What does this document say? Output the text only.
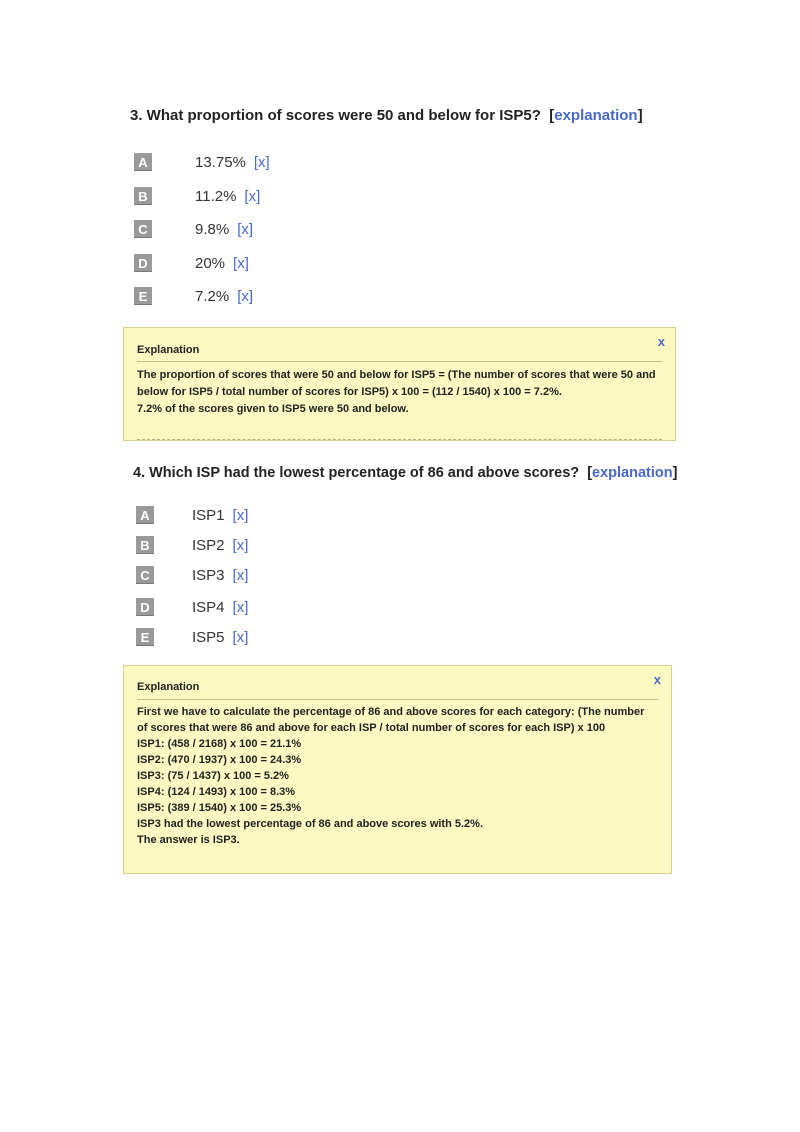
3. What proportion of scores were 50 and below for ISP5? [explanation]
A	13.75% [x]
B	11.2% [x]
C	9.8% [x]
D	20% [x]
E	7.2% [x]
Explanation
x
The proportion of scores that were 50 and below for ISP5 = (The number of scores that were 50 and below for ISP5 / total number of scores for ISP5) x 100 = (112 / 1540) x 100 = 7.2%.
7.2% of the scores given to ISP5 were 50 and below.
4. Which ISP had the lowest percentage of 86 and above scores? [explanation]
A	ISP1 [x]
B	ISP2 [x]
C	ISP3 [x]
D	ISP4 [x]
E	ISP5 [x]
Explanation	x
First we have to calculate the percentage of 86 and above scores for each category: (The number of scores that were 86 and above for each ISP / total number of scores for each ISP) x 100
ISP1: (458 / 2168) x 100 = 21.1%
ISP2: (470 / 1937) x 100 = 24.3%
ISP3: (75 / 1437) x 100 = 5.2%
ISP4: (124 / 1493) x 100 = 8.3%
ISP5: (389 / 1540) x 100 = 25.3%
ISP3 had the lowest percentage of 86 and above scores with 5.2%.
The answer is ISP3.
